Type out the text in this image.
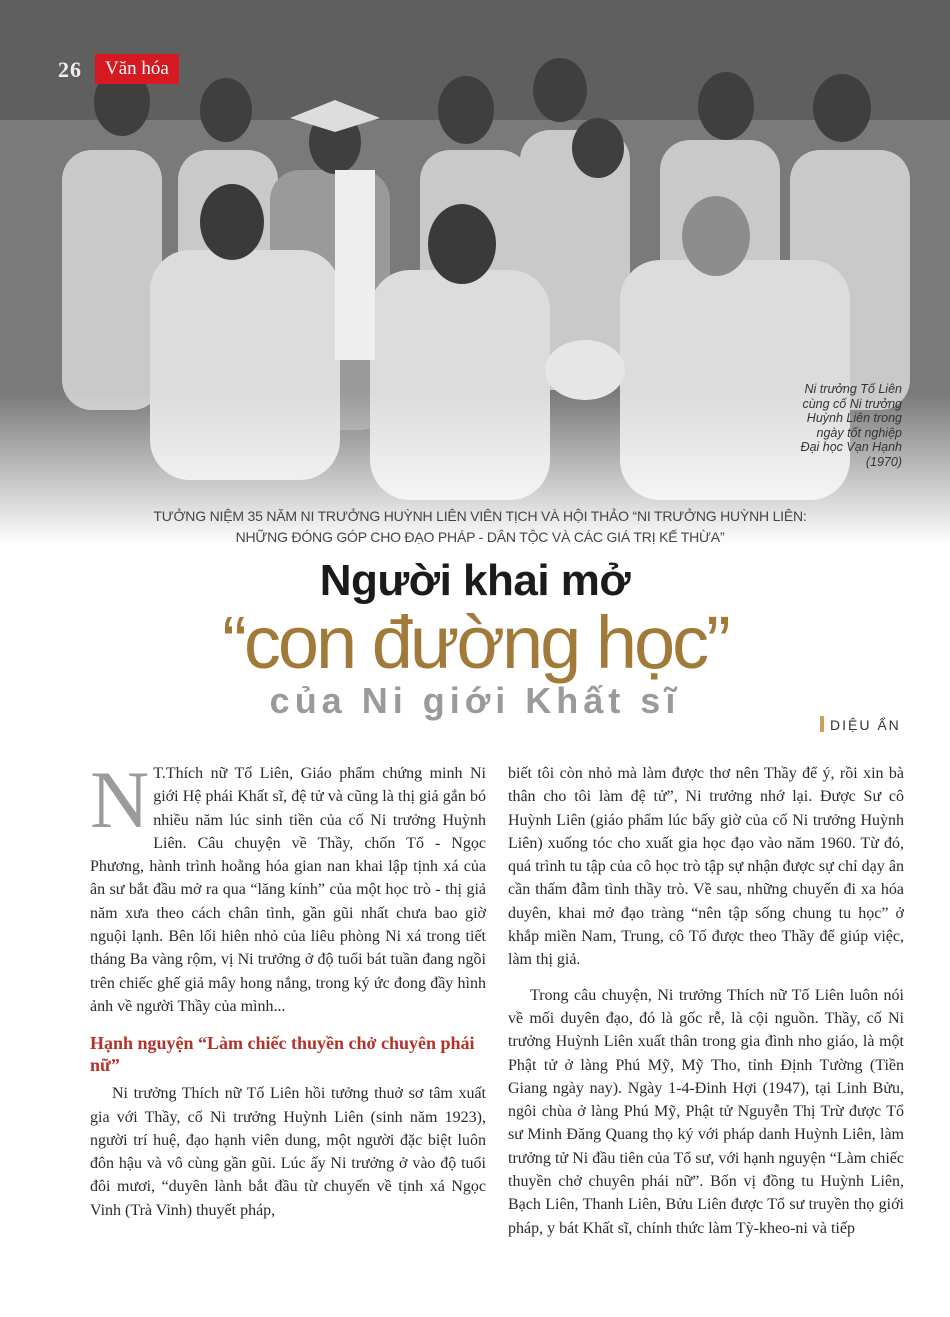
26	Văn hóa
Ni trưởng Tố Liên cùng cố Ni trưởng Huỳnh Liên trong ngày tốt nghiệp Đại học Vạn Hạnh (1970)
TƯỞNG NIỆM 35 NĂM NI TRƯỞNG HUỲNH LIÊN VIÊN TỊCH VÀ HỘI THẢO “NI TRƯỞNG HUỲNH LIÊN: NHỮNG ĐÓNG GÓP CHO ĐẠO PHÁP - DÂN TỘC VÀ CÁC GIÁ TRỊ KẾ THỪA”
Người khai mở
“con đường học”
của Ni giới Khất sĩ
DIỆU ẨN

N T.Thích nữ Tố Liên, Giáo phẩm chứng minh Ni giới Hệ phái Khất sĩ, đệ tử và cũng là thị giả gắn bó nhiều năm lúc sinh tiền của cố Ni trưởng Huỳnh Liên. Câu chuyện về Thầy, chốn Tổ - Ngọc Phương, hành trình hoằng hóa gian nan khai lập tịnh xá của ân sư bắt đầu mở ra qua “lăng kính” của một học trò - thị giả năm xưa theo cách chân tình, gần gũi nhất chưa bao giờ nguội lạnh. Bên lối hiên nhỏ của liêu phòng Ni xá trong tiết tháng Ba vàng rộm, vị Ni trưởng ở độ tuổi bát tuần đang ngồi trên chiếc ghế giả mây hong nắng, trong ký ức đong đầy hình ảnh về người Thầy của mình...

Hạnh nguyện “Làm chiếc thuyền chở chuyên phái nữ”

Ni trưởng Thích nữ Tố Liên hồi tưởng thuở sơ tâm xuất gia với Thầy, cố Ni trưởng Huỳnh Liên (sinh năm 1923), người trí huệ, đạo hạnh viên dung, một người đặc biệt luôn đôn hậu và vô cùng gần gũi. Lúc ấy Ni trưởng ở vào độ tuổi đôi mươi, “duyên lành bắt đầu từ chuyến về tịnh xá Ngọc Vinh (Trà Vinh) thuyết pháp,

biết tôi còn nhỏ mà làm được thơ nên Thầy để ý, rồi xin bà thân cho tôi làm đệ tử”, Ni trưởng nhớ lại. Được Sư cô Huỳnh Liên (giáo phẩm lúc bấy giờ của cố Ni trưởng Huỳnh Liên) xuống tóc cho xuất gia học đạo vào năm 1960. Từ đó, quá trình tu tập của cô học trò tập sự nhận được sự chỉ dạy ân cần thấm đẫm tình thầy trò. Về sau, những chuyến đi xa hóa duyên, khai mở đạo tràng “nên tập sống chung tu học” ở khắp miền Nam, Trung, cô Tố được theo Thầy để giúp việc, làm thị giả.

Trong câu chuyện, Ni trưởng Thích nữ Tố Liên luôn nói về mối duyên đạo, đó là gốc rễ, là cội nguồn. Thầy, cố Ni trưởng Huỳnh Liên xuất thân trong gia đình nho giáo, là một Phật tử ở làng Phú Mỹ, Mỹ Tho, tỉnh Định Tường (Tiền Giang ngày nay). Ngày 1-4-Đinh Hợi (1947), tại Linh Bửu, ngôi chùa ở làng Phú Mỹ, Phật tử Nguyễn Thị Trừ được Tổ sư Minh Đăng Quang thọ ký với pháp danh Huỳnh Liên, làm trưởng tử Ni đầu tiên của Tổ sư, với hạnh nguyện “Làm chiếc thuyền chở chuyên phái nữ”. Bốn vị đồng tu Huỳnh Liên, Bạch Liên, Thanh Liên, Bửu Liên được Tổ sư truyền thọ giới pháp, y bát Khất sĩ, chính thức làm Tỳ-kheo-ni và tiếp
